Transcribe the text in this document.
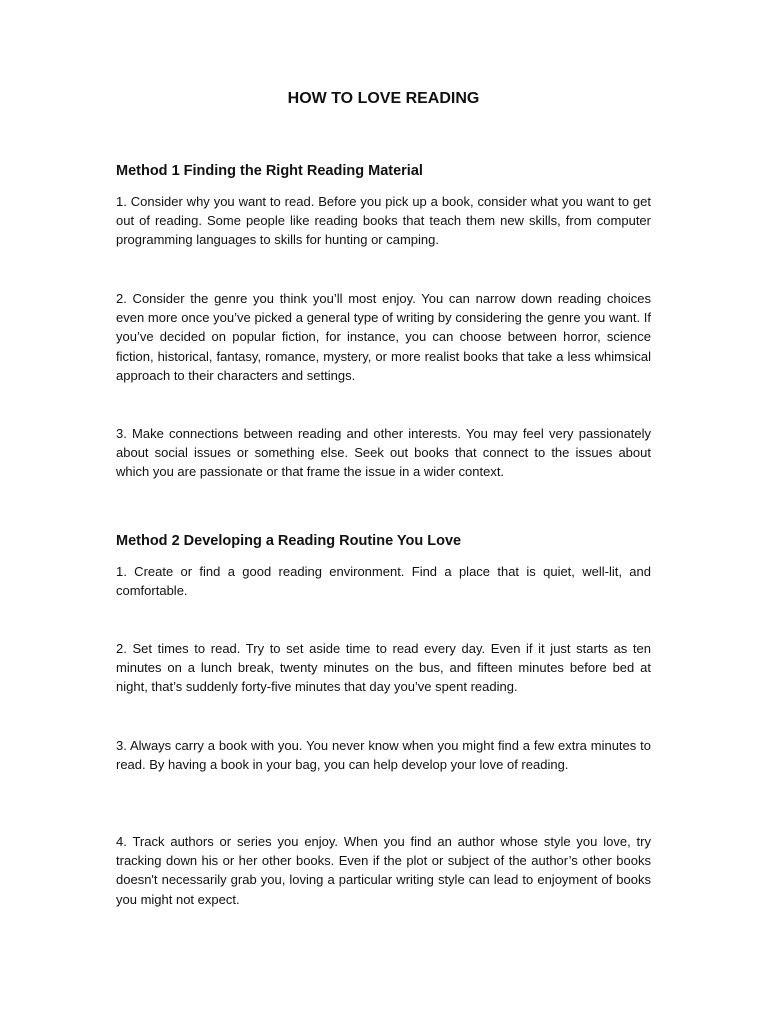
HOW TO LOVE READING
Method 1 Finding the Right Reading Material

1. Consider why you want to read. Before you pick up a book, consider what you want to get out of reading. Some people like reading books that teach them new skills, from computer programming languages to skills for hunting or camping.

2. Consider the genre you think you’ll most enjoy. You can narrow down reading choices even more once you’ve picked a general type of writing by considering the genre you want. If you’ve decided on popular fiction, for instance, you can choose between horror, science fiction, historical, fantasy, romance, mystery, or more realist books that take a less whimsical approach to their characters and settings.

3. Make connections between reading and other interests. You may feel very passionately about social issues or something else. Seek out books that connect to the issues about which you are passionate or that frame the issue in a wider context.

Method 2 Developing a Reading Routine You Love

1. Create or find a good reading environment. Find a place that is quiet, well-lit, and comfortable.

2. Set times to read. Try to set aside time to read every day. Even if it just starts as ten minutes on a lunch break, twenty minutes on the bus, and fifteen minutes before bed at night, that’s suddenly forty-five minutes that day you’ve spent reading.

3. Always carry a book with you. You never know when you might find a few extra minutes to read. By having a book in your bag, you can help develop your love of reading.

4. Track authors or series you enjoy. When you find an author whose style you love, try tracking down his or her other books. Even if the plot or subject of the author’s other books doesn't necessarily grab you, loving a particular writing style can lead to enjoyment of books you might not expect.
